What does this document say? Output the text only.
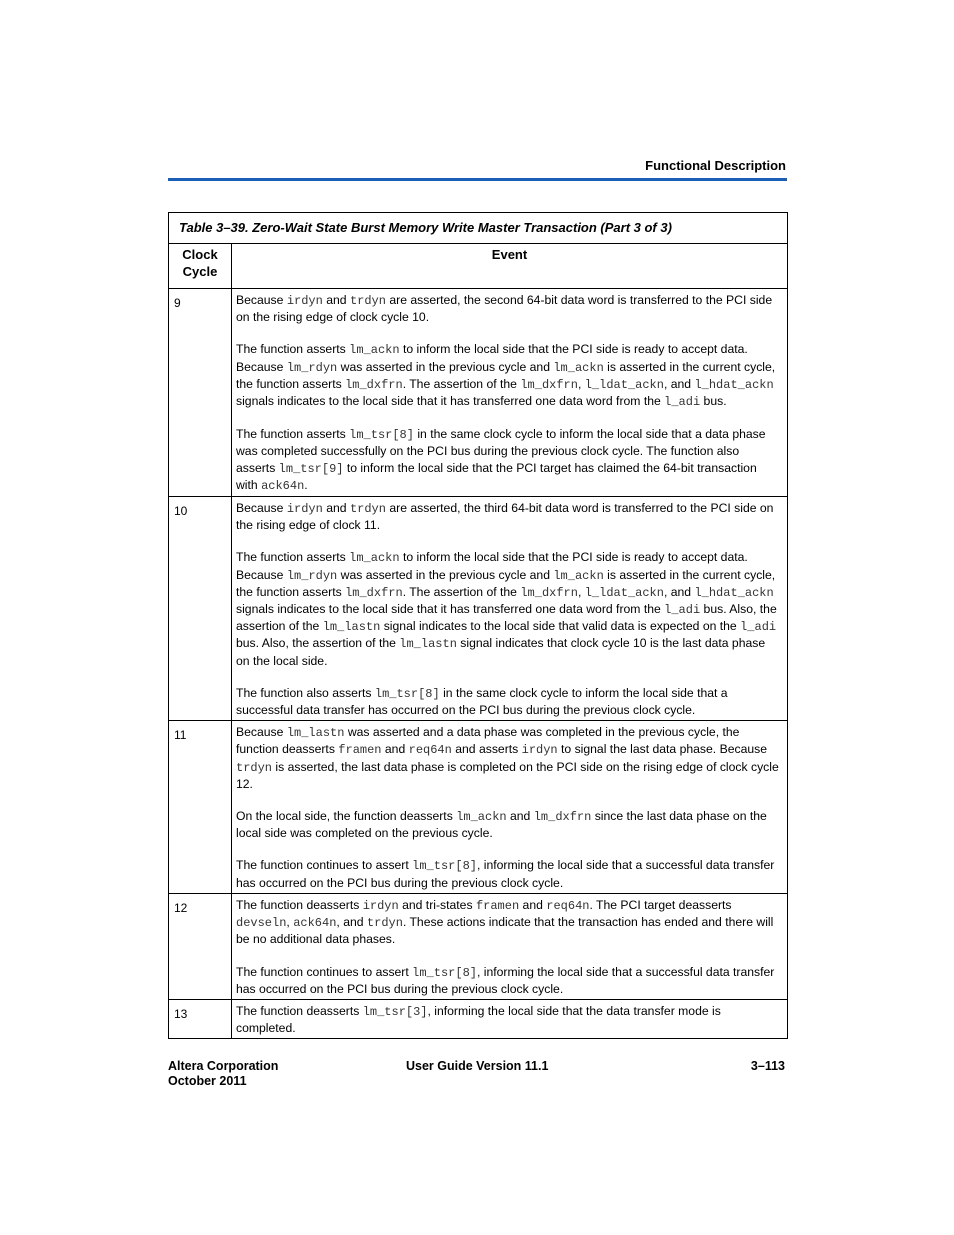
Functional Description
Table 3–39. Zero-Wait State Burst Memory Write Master Transaction (Part 3 of 3)	
Clock
Cycle	Event
9	Because irdyn and trdyn are asserted, the second 64-bit data word is transferred to the PCI side on the rising edge of clock cycle 10.

The function asserts lm_ackn to inform the local side that the PCI side is ready to accept data. Because lm_rdyn was asserted in the previous cycle and lm_ackn is asserted in the current cycle, the function asserts lm_dxfrn. The assertion of the lm_dxfrn, l_ldat_ackn, and l_hdat_ackn signals indicates to the local side that it has transferred one data word from the l_adi bus.

The function asserts lm_tsr[8] in the same clock cycle to inform the local side that a data phase was completed successfully on the PCI bus during the previous clock cycle. The function also asserts lm_tsr[9] to inform the local side that the PCI target has claimed the 64-bit transaction with ack64n.

10	Because irdyn and trdyn are asserted, the third 64-bit data word is transferred to the PCI side on the rising edge of clock 11.

The function asserts lm_ackn to inform the local side that the PCI side is ready to accept data. Because lm_rdyn was asserted in the previous cycle and lm_ackn is asserted in the current cycle, the function asserts lm_dxfrn. The assertion of the lm_dxfrn, l_ldat_ackn, and l_hdat_ackn signals indicates to the local side that it has transferred one data word from the l_adi bus. Also, the assertion of the lm_lastn signal indicates to the local side that valid data is expected on the l_adi bus. Also, the assertion of the lm_lastn signal indicates that clock cycle 10 is the last data phase on the local side.

The function also asserts lm_tsr[8] in the same clock cycle to inform the local side that a successful data transfer has occurred on the PCI bus during the previous clock cycle.

11	Because lm_lastn was asserted and a data phase was completed in the previous cycle, the function deasserts framen and req64n and asserts irdyn to signal the last data phase. Because trdyn is asserted, the last data phase is completed on the PCI side on the rising edge of clock cycle 12.

On the local side, the function deasserts lm_ackn and lm_dxfrn since the last data phase on the local side was completed on the previous cycle.

The function continues to assert lm_tsr[8], informing the local side that a successful data transfer has occurred on the PCI bus during the previous clock cycle.

12	The function deasserts irdyn and tri-states framen and req64n. The PCI target deasserts devseln, ack64n, and trdyn. These actions indicate that the transaction has ended and there will be no additional data phases.

The function continues to assert lm_tsr[8], informing the local side that a successful data transfer has occurred on the PCI bus during the previous clock cycle.

13	The function deasserts lm_tsr[3], informing the local side that the data transfer mode is completed.

Altera Corporation
October 2011
User Guide Version 11.1	3–113
